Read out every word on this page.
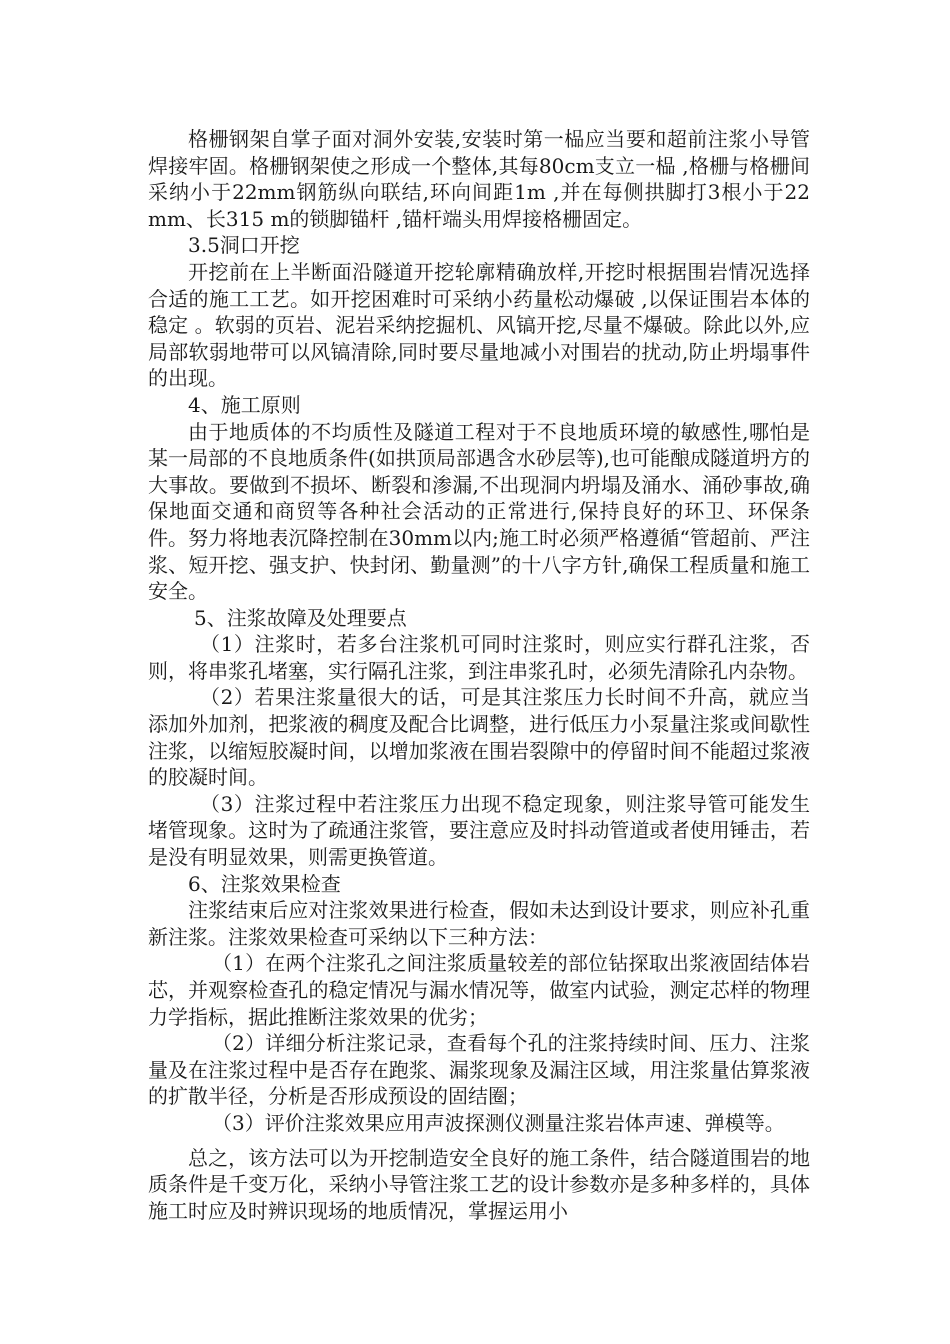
格栅钢架自掌子面对洞外安装,安装时第一榀应当要和超前注浆小导管焊接牢固。格栅钢架使之形成一个整体,其每80cm支立一榀 ,格栅与格栅间采纳小于22mm钢筋纵向联结,环向间距1m ,并在每侧拱脚打3根小于22 mm、长315 m的锁脚锚杆 ,锚杆端头用焊接格栅固定。

3.5洞口开挖

开挖前在上半断面沿隧道开挖轮廓精确放样,开挖时根据围岩情况选择合适的施工工艺。如开挖困难时可采纳小药量松动爆破 ,以保证围岩本体的稳定 。软弱的页岩、泥岩采纳挖掘机、风镐开挖,尽量不爆破。除此以外,应局部软弱地带可以风镐清除,同时要尽量地减小对围岩的扰动,防止坍塌事件的出现。

4、施工原则

由于地质体的不均质性及隧道工程对于不良地质环境的敏感性,哪怕是某一局部的不良地质条件(如拱顶局部遇含水砂层等),也可能酿成隧道坍方的大事故。要做到不损坏、断裂和渗漏,不出现洞内坍塌及涌水、涌砂事故,确保地面交通和商贸等各种社会活动的正常进行,保持良好的环卫、环保条件。努力将地表沉降控制在30mm以内;施工时必须严格遵循“管超前、严注浆、短开挖、强支护、快封闭、勤量测”的十八字方针,确保工程质量和施工安全。

5、注浆故障及处理要点

（1）注浆时，若多台注浆机可同时注浆时，则应实行群孔注浆，否则，将串浆孔堵塞，实行隔孔注浆，到注串浆孔时，必须先清除孔内杂物。

（2）若果注浆量很大的话，可是其注浆压力长时间不升高，就应当添加外加剂，把浆液的稠度及配合比调整，进行低压力小泵量注浆或间歇性注浆，以缩短胶凝时间，以增加浆液在围岩裂隙中的停留时间不能超过浆液的胶凝时间。

（3）注浆过程中若注浆压力出现不稳定现象，则注浆导管可能发生堵管现象。这时为了疏通注浆管，要注意应及时抖动管道或者使用锤击，若是没有明显效果，则需更换管道。

6、注浆效果检查

注浆结束后应对注浆效果进行检查，假如未达到设计要求，则应补孔重新注浆。注浆效果检查可采纳以下三种方法：

（1）在两个注浆孔之间注浆质量较差的部位钻探取出浆液固结体岩芯，并观察检查孔的稳定情况与漏水情况等，做室内试验，测定芯样的物理力学指标，据此推断注浆效果的优劣；

（2）详细分析注浆记录，查看每个孔的注浆持续时间、压力、注浆量及在注浆过程中是否存在跑浆、漏浆现象及漏注区域，用注浆量估算浆液的扩散半径，分析是否形成预设的固结圈；

（3）评价注浆效果应用声波探测仪测量注浆岩体声速、弹模等。

总之，该方法可以为开挖制造安全良好的施工条件，结合隧道围岩的地质条件是千变万化，采纳小导管注浆工艺的设计参数亦是多种多样的，具体施工时应及时辨识现场的地质情况，掌握运用小
